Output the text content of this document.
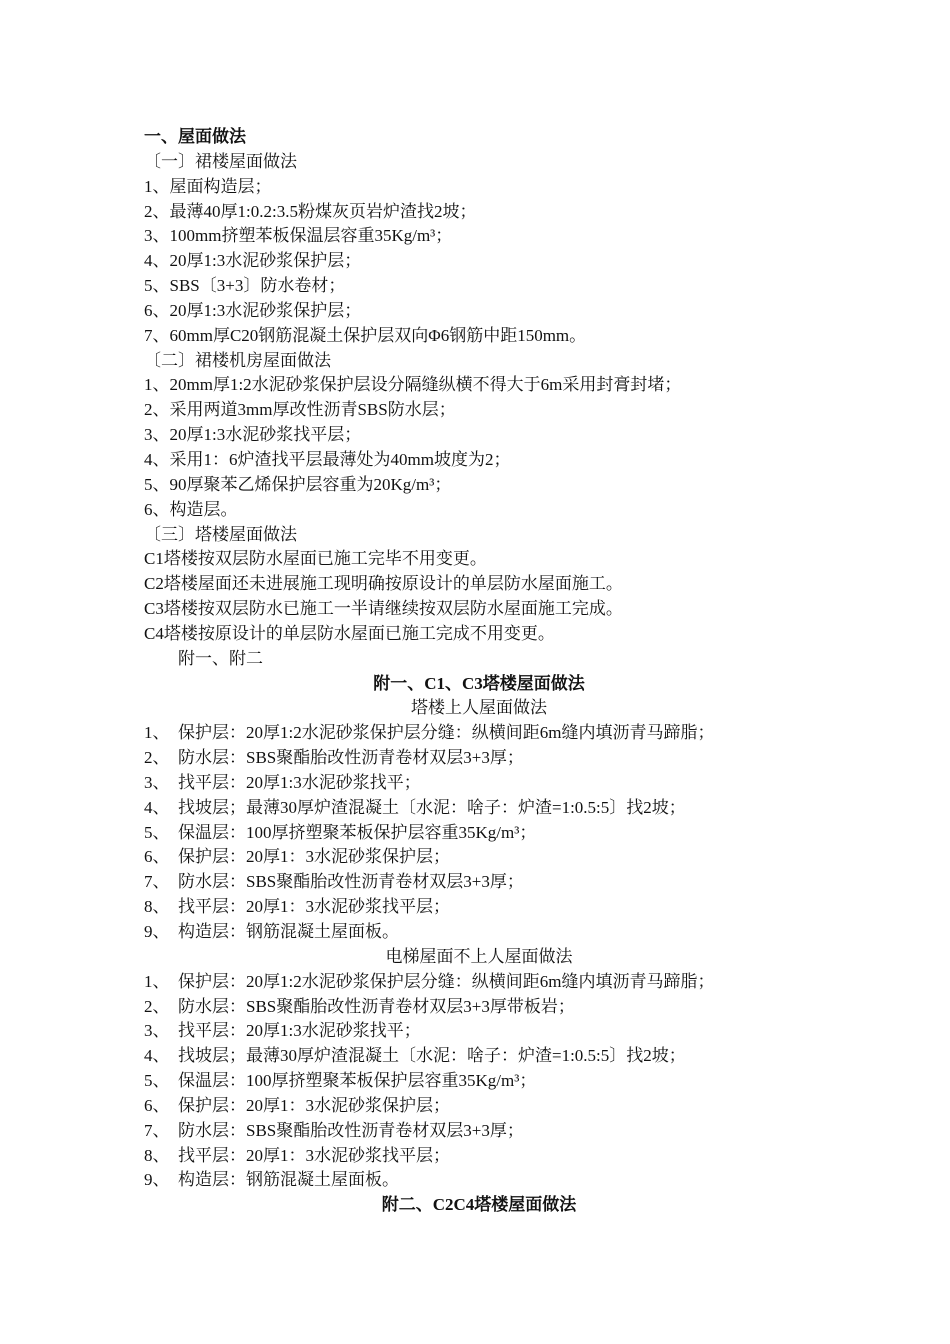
一、屋面做法
〔一〕裙楼屋面做法
1、屋面构造层；
2、最薄40厚1:0.2:3.5粉煤灰页岩炉渣找2坡；
3、100mm挤塑苯板保温层容重35Kg/m³；
4、20厚1:3水泥砂浆保护层；
5、SBS〔3+3〕防水卷材；
6、20厚1:3水泥砂浆保护层；
7、60mm厚C20钢筋混凝土保护层双向Φ6钢筋中距150mm。
〔二〕裙楼机房屋面做法
1、20mm厚1:2水泥砂浆保护层设分隔缝纵横不得大于6m采用封膏封堵；
2、采用两道3mm厚改性沥青SBS防水层；
3、20厚1:3水泥砂浆找平层；
4、采用1：6炉渣找平层最薄处为40mm坡度为2；
5、90厚聚苯乙烯保护层容重为20Kg/m³；
6、构造层。
〔三〕塔楼屋面做法
C1塔楼按双层防水屋面已施工完毕不用变更。
C2塔楼屋面还未进展施工现明确按原设计的单层防水屋面施工。
C3塔楼按双层防水已施工一半请继续按双层防水屋面施工完成。
C4塔楼按原设计的单层防水屋面已施工完成不用变更。
附一、附二
附一、C1、C3塔楼屋面做法
塔楼上人屋面做法
1、 保护层：20厚1:2水泥砂浆保护层分缝：纵横间距6m缝内填沥青马蹄脂；
2、 防水层：SBS聚酯胎改性沥青卷材双层3+3厚；
3、 找平层：20厚1:3水泥砂浆找平；
4、 找坡层；最薄30厚炉渣混凝土〔水泥：啥子：炉渣=1:0.5:5〕找2坡；
5、 保温层：100厚挤塑聚苯板保护层容重35Kg/m³；
6、 保护层：20厚1：3水泥砂浆保护层；
7、 防水层：SBS聚酯胎改性沥青卷材双层3+3厚；
8、 找平层：20厚1：3水泥砂浆找平层；
9、 构造层：钢筋混凝土屋面板。
电梯屋面不上人屋面做法
1、 保护层：20厚1:2水泥砂浆保护层分缝：纵横间距6m缝内填沥青马蹄脂；
2、 防水层：SBS聚酯胎改性沥青卷材双层3+3厚带板岩；
3、 找平层：20厚1:3水泥砂浆找平；
4、 找坡层；最薄30厚炉渣混凝土〔水泥：啥子：炉渣=1:0.5:5〕找2坡；
5、 保温层：100厚挤塑聚苯板保护层容重35Kg/m³；
6、 保护层：20厚1：3水泥砂浆保护层；
7、 防水层：SBS聚酯胎改性沥青卷材双层3+3厚；
8、 找平层：20厚1：3水泥砂浆找平层；
9、 构造层：钢筋混凝土屋面板。
附二、C2C4塔楼屋面做法
